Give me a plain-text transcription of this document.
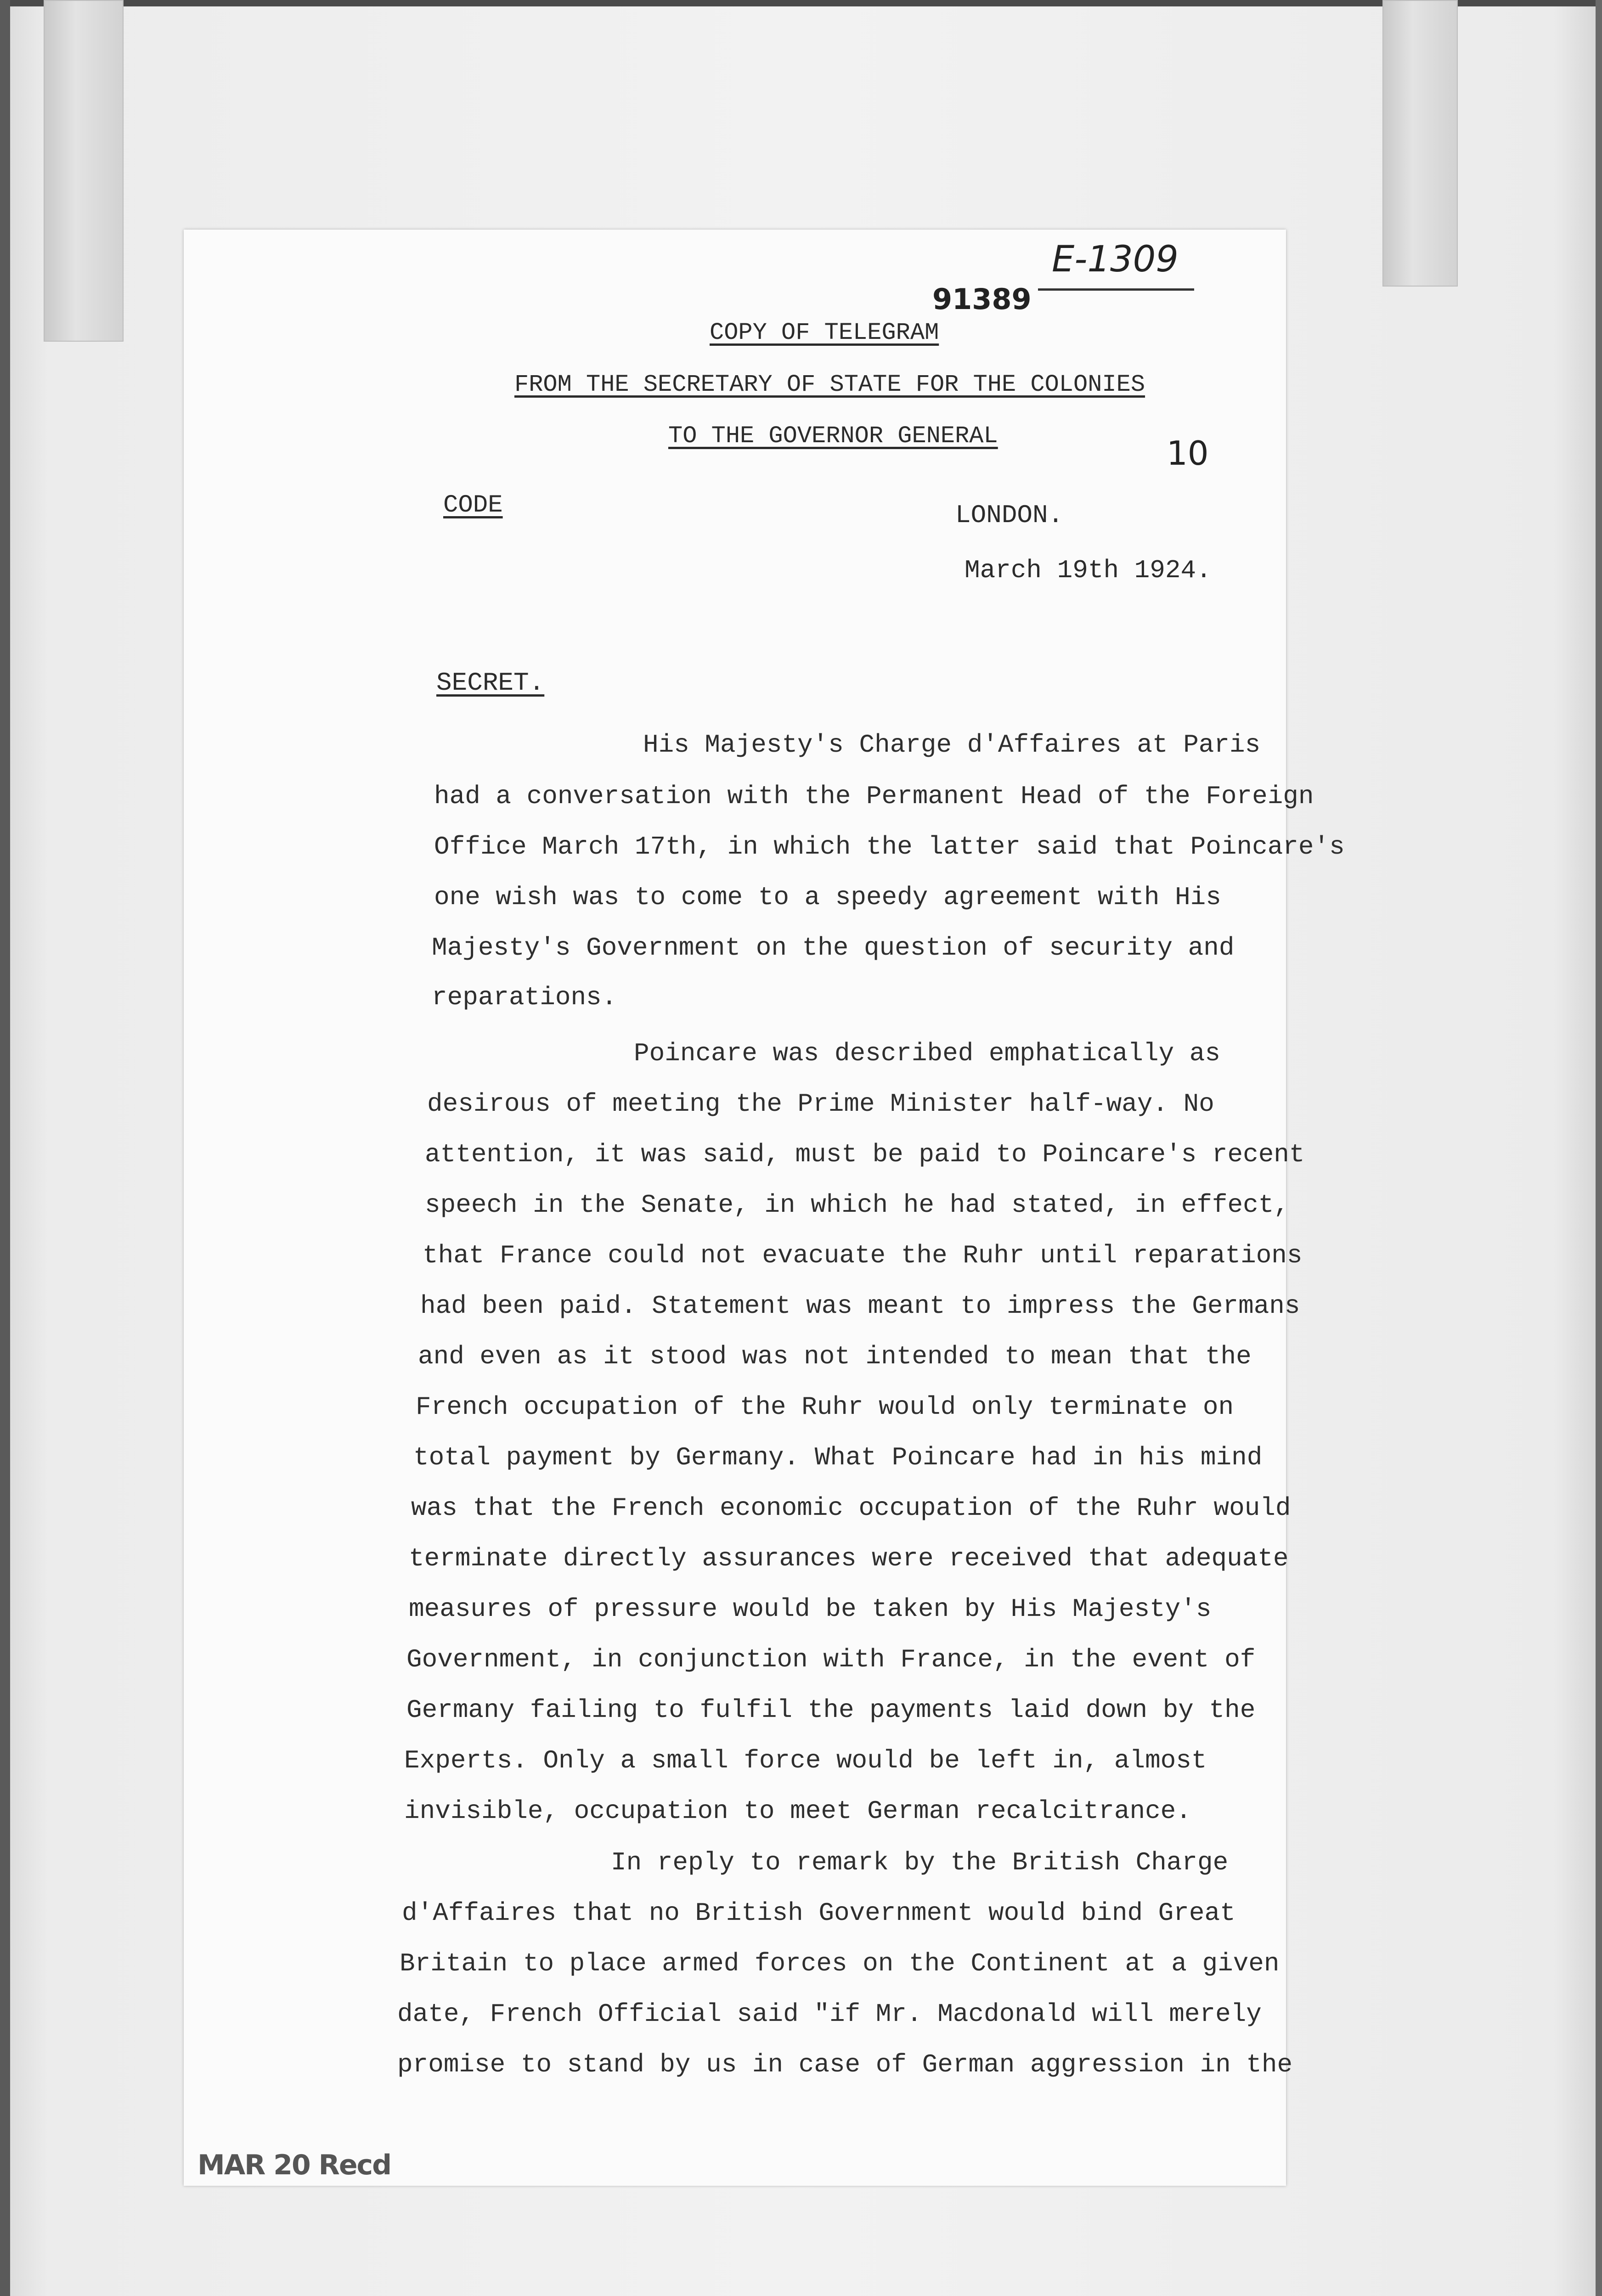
E-1309
91389
COPY OF TELEGRAM
FROM THE SECRETARY OF STATE FOR THE COLONIES
TO THE GOVERNOR GENERAL	10
CODE	LONDON.
March 19th 1924.
SECRET.
His Majesty's Charge d'Affaires at Paris
had a conversation with the Permanent Head of the Foreign
Office March 17th, in which the latter said that Poincare's
one wish was to come to a speedy agreement with His
Majesty's Government on the question of security and
reparations.
Poincare was described emphatically as
desirous of meeting the Prime Minister half-way. No
attention, it was said, must be paid to Poincare's recent
speech in the Senate, in which he had stated, in effect,
that France could not evacuate the Ruhr until reparations
had been paid. Statement was meant to impress the Germans
and even as it stood was not intended to mean that the
French occupation of the Ruhr would only terminate on
total payment by Germany. What Poincare had in his mind
was that the French economic occupation of the Ruhr would
terminate directly assurances were received that adequate
measures of pressure would be taken by His Majesty's
Government, in conjunction with France, in the event of
Germany failing to fulfil the payments laid down by the
Experts. Only a small force would be left in, almost
invisible, occupation to meet German recalcitrance.
In reply to remark by the British Charge
d'Affaires that no British Government would bind Great
Britain to place armed forces on the Continent at a given
date, French Official said "if Mr. Macdonald will merely
promise to stand by us in case of German aggression in the
MAR 20 Recd
